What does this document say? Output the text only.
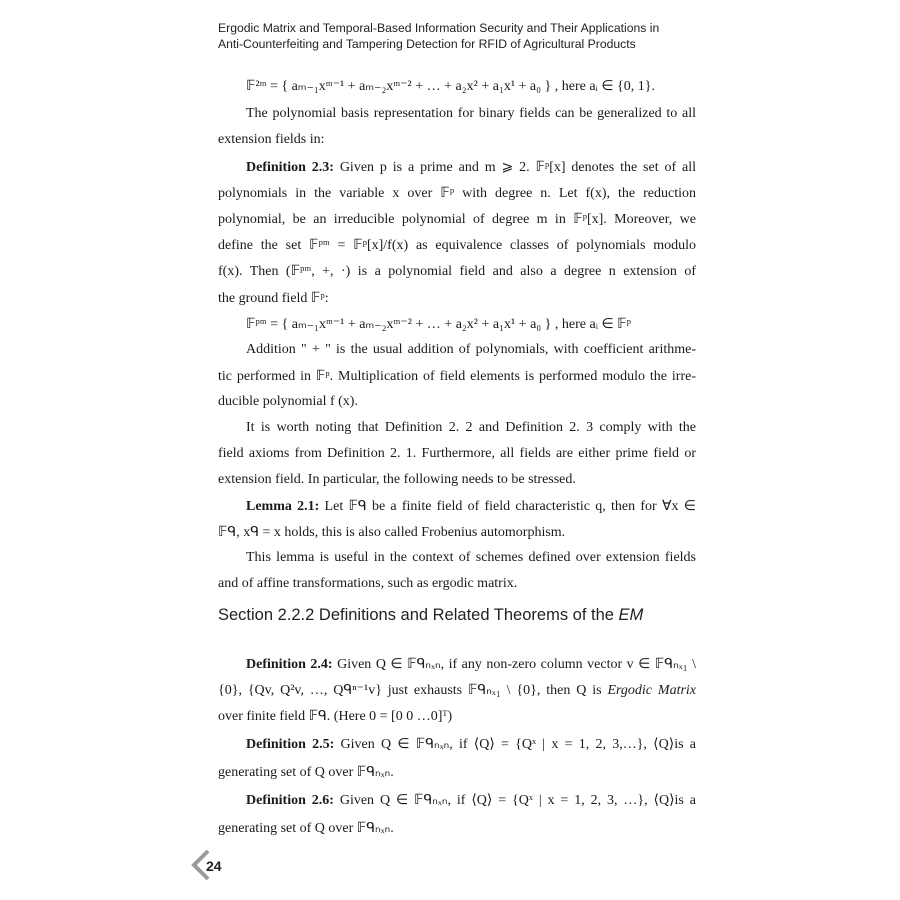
Ergodic Matrix and Temporal-Based Information Security and Their Applications in
Anti-Counterfeiting and Tampering Detection for RFID of Agricultural Products
𝔽²ᵐ = { aₘ₋₁xᵐ⁻¹ + aₘ₋₂xᵐ⁻² + … + a₂x² + a₁x¹ + a₀ } , here aᵢ ∈ {0, 1}.
The polynomial basis representation for binary fields can be generalized to all
extension fields in:
Definition 2.3: Given p is a prime and m ⩾ 2. 𝔽ᵖ[x] denotes the set of all
polynomials in the variable x over 𝔽ᵖ with degree n. Let f(x), the reduction
polynomial, be an irreducible polynomial of degree m in 𝔽ᵖ[x]. Moreover, we
define the set 𝔽ᵖᵐ = 𝔽ᵖ[x]/f(x) as equivalence classes of polynomials modulo
f(x). Then (𝔽ᵖᵐ, +, ·) is a polynomial field and also a degree n extension of
the ground field 𝔽ᵖ:
𝔽ᵖᵐ = { aₘ₋₁xᵐ⁻¹ + aₘ₋₂xᵐ⁻² + … + a₂x² + a₁x¹ + a₀ } , here aᵢ ∈ 𝔽ᵖ
Addition " + " is the usual addition of polynomials, with coefficient arithme-
tic performed in 𝔽ᵖ. Multiplication of field elements is performed modulo the irre-
ducible polynomial f (x).
It is worth noting that Definition 2. 2 and Definition 2. 3 comply with the
field axioms from Definition 2. 1. Furthermore, all fields are either prime field or
extension field. In particular, the following needs to be stressed.
Lemma 2.1: Let 𝔽ᑫ be a finite field of field characteristic q, then for ∀x ∈
𝔽ᑫ, xᑫ = x holds, this is also called Frobenius automorphism.
This lemma is useful in the context of schemes defined over extension fields
and of affine transformations, such as ergodic matrix.
Section 2.2.2 Definitions and Related Theorems of the EM
Definition 2.4: Given Q ∈ 𝔽ᑫₙₓₙ, if any non-zero column vector v ∈ 𝔽ᑫₙₓ₁ \
{0}, {Qv, Q²v, …, Qᑫⁿ⁻¹v} just exhausts 𝔽ᑫₙₓ₁ \ {0}, then Q is Ergodic Matrix
over finite field 𝔽ᑫ. (Here 0 = [0 0 …0]ᵀ)
Definition 2.5: Given Q ∈ 𝔽ᑫₙₓₙ, if ⟨Q⟩ = {Qˣ | x = 1, 2, 3,…}, ⟨Q⟩is a
generating set of Q over 𝔽ᑫₙₓₙ.
Definition 2.6: Given Q ∈ 𝔽ᑫₙₓₙ, if ⟨Q⟩ = {Qˣ | x = 1, 2, 3, …}, ⟨Q⟩is a
generating set of Q over 𝔽ᑫₙₓₙ.
24
